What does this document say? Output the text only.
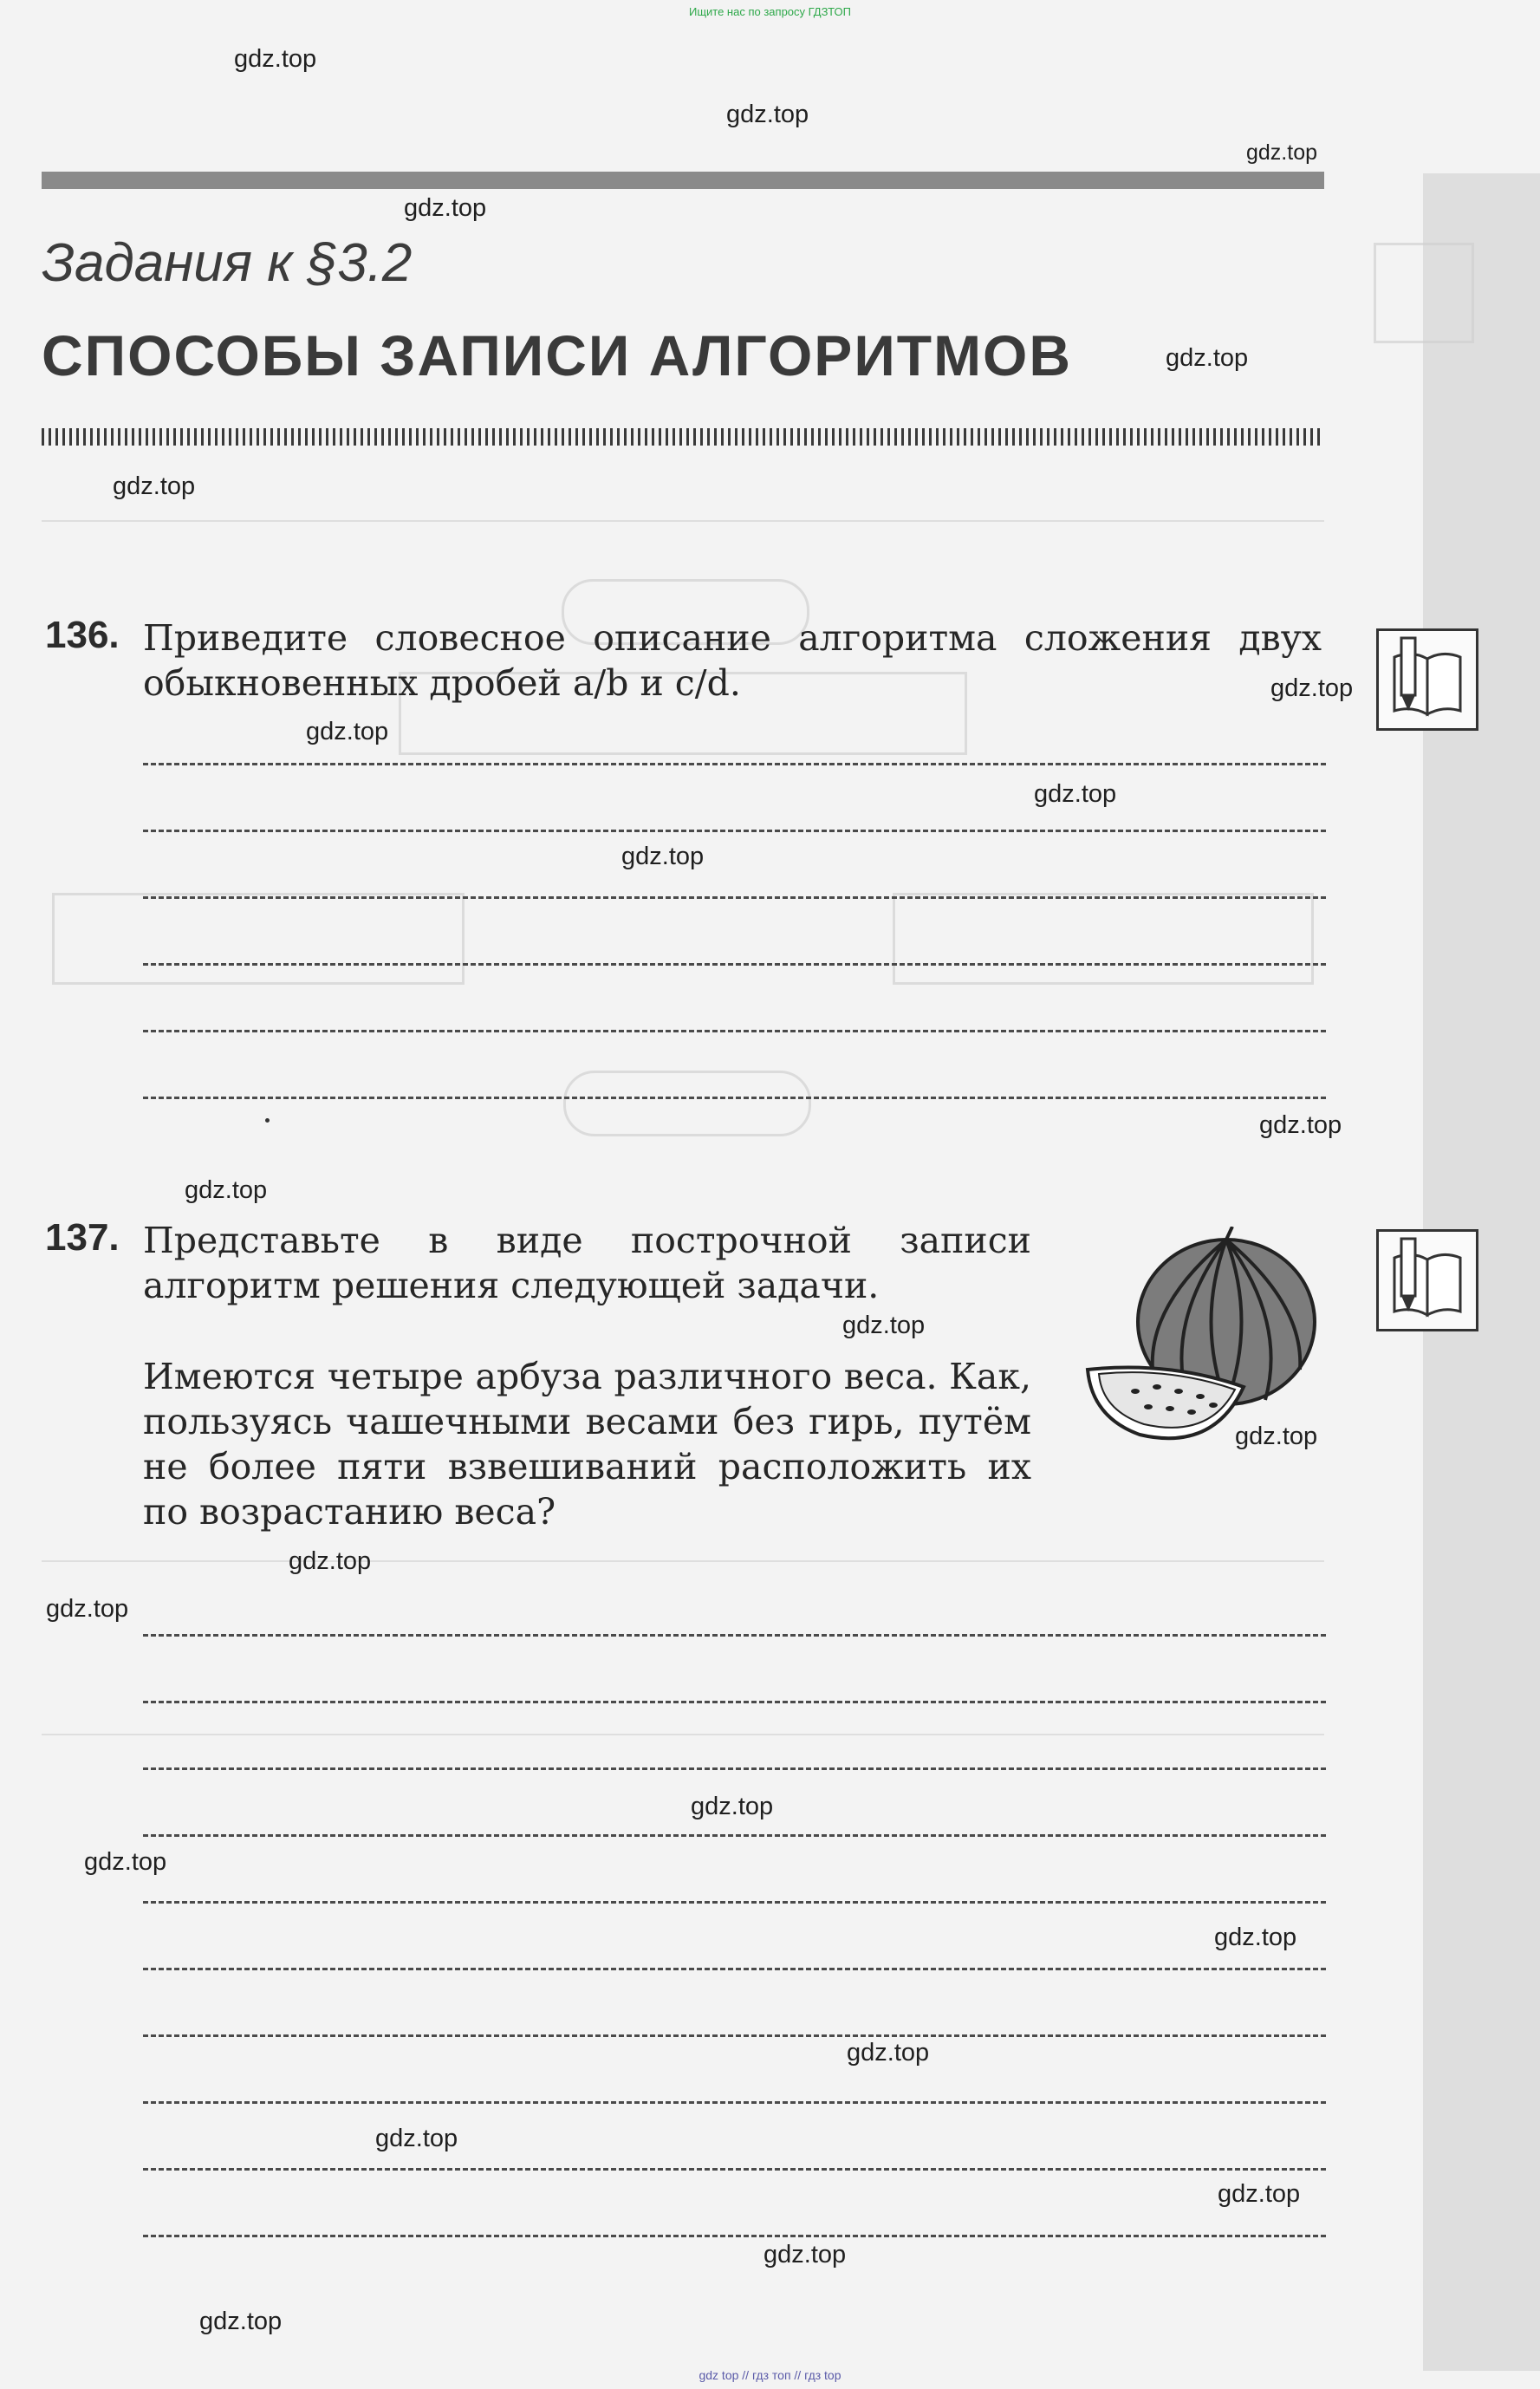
Ищите нас по запросу ГДЗТОП
Задания к §3.2
СПОСОБЫ ЗАПИСИ АЛГОРИТМОВ
136. Приведите словесное описание алгоритма сложения двух обыкновенных дробей a/b и c/d.
137. Представьте в виде построчной записи алгоритм решения следующей задачи.
Имеются четыре арбуза различного веса. Как, пользуясь чашечными весами без гирь, путём не более пяти взвешиваний расположить их по возрастанию веса?
gdz.top
gdz.top
gdz.top
gdz.top
gdz.top
gdz.top
gdz.top
gdz.top
gdz.top
gdz.top
gdz.top
gdz.top
gdz.top
gdz.top
gdz.top
gdz.top
gdz.top
gdz.top
gdz.top
gdz.top
gdz.top
gdz.top
gdz.top
gdz.top
gdz top // гдз топ // гдз top
